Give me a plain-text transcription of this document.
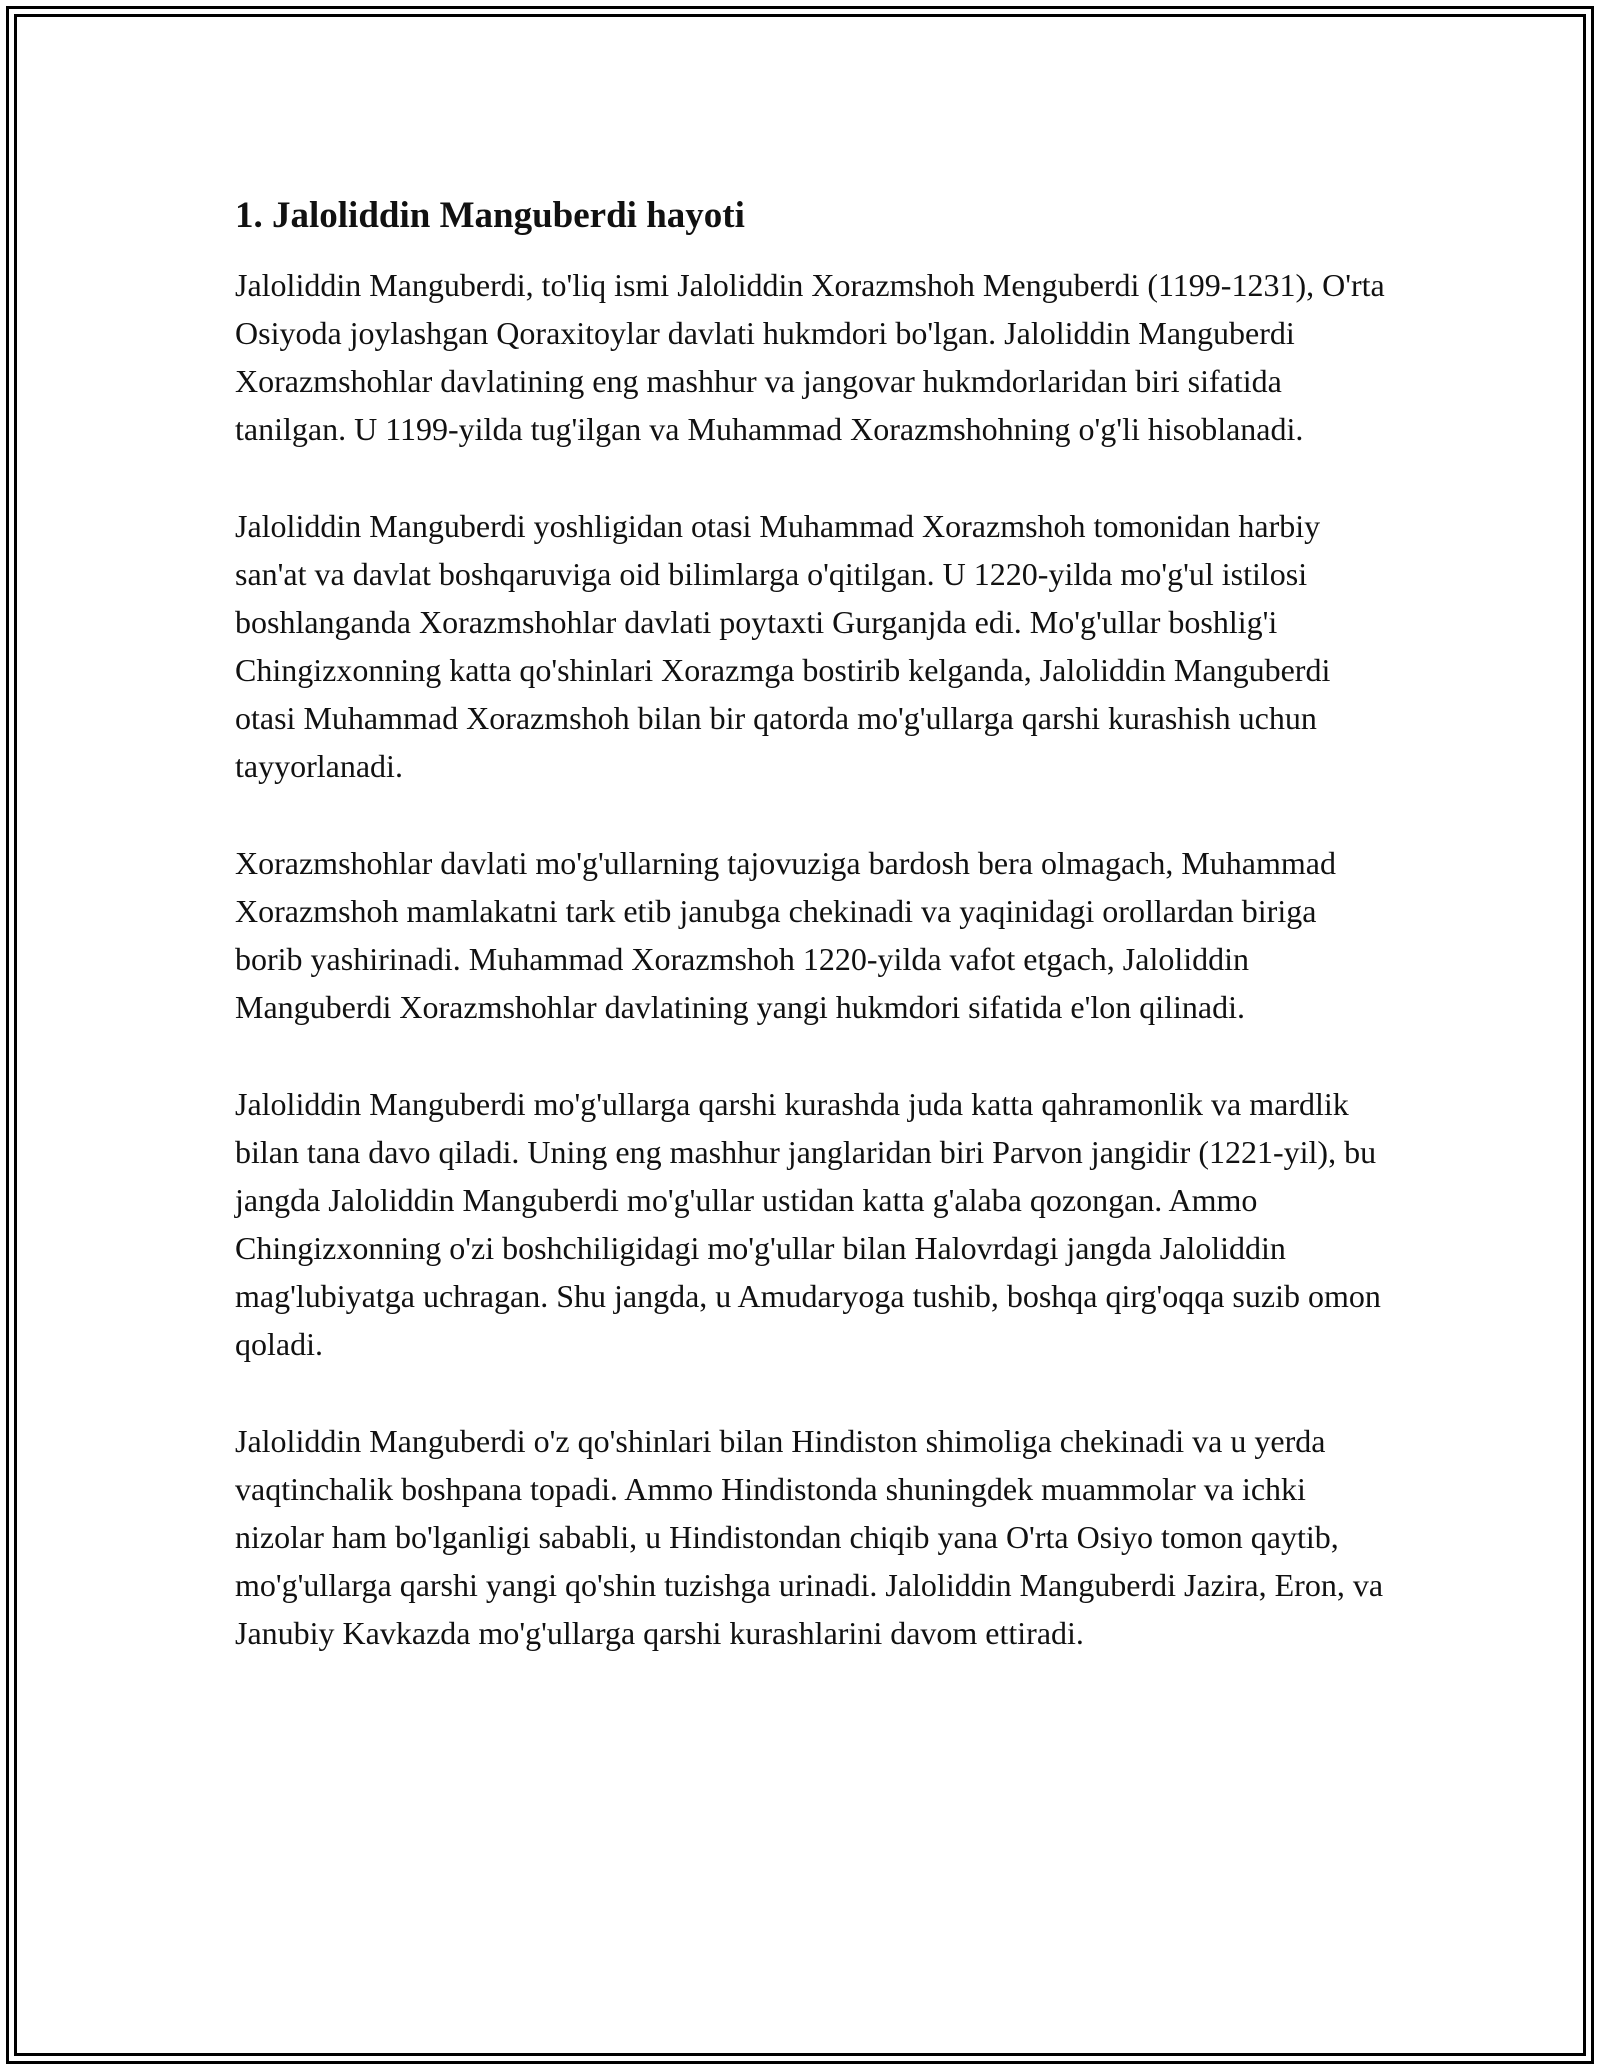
1. Jaloliddin Manguberdi hayoti

Jaloliddin Manguberdi, to'liq ismi Jaloliddin Xorazmshoh Menguberdi (1199-1231), O'rta Osiyoda joylashgan Qoraxitoylar davlati hukmdori bo'lgan. Jaloliddin Manguberdi Xorazmshohlar davlatining eng mashhur va jangovar hukmdorlaridan biri sifatida tanilgan. U 1199-yilda tug'ilgan va Muhammad Xorazmshohning o'g'li hisoblanadi.

Jaloliddin Manguberdi yoshligidan otasi Muhammad Xorazmshoh tomonidan harbiy san'at va davlat boshqaruviga oid bilimlarga o'qitilgan. U 1220-yilda mo'g'ul istilosi boshlanganda Xorazmshohlar davlati poytaxti Gurganjda edi. Mo'g'ullar boshlig'i Chingizxonning katta qo'shinlari Xorazmga bostirib kelganda, Jaloliddin Manguberdi otasi Muhammad Xorazmshoh bilan bir qatorda mo'g'ullarga qarshi kurashish uchun tayyorlanadi.

Xorazmshohlar davlati mo'g'ullarning tajovuziga bardosh bera olmagach, Muhammad Xorazmshoh mamlakatni tark etib janubga chekinadi va yaqinidagi orollardan biriga borib yashirinadi. Muhammad Xorazmshoh 1220-yilda vafot etgach, Jaloliddin Manguberdi Xorazmshohlar davlatining yangi hukmdori sifatida e'lon qilinadi.

Jaloliddin Manguberdi mo'g'ullarga qarshi kurashda juda katta qahramonlik va mardlik bilan tana davo qiladi. Uning eng mashhur janglaridan biri Parvon jangidir (1221-yil), bu jangda Jaloliddin Manguberdi mo'g'ullar ustidan katta g'alaba qozongan. Ammo Chingizxonning o'zi boshchiligidagi mo'g'ullar bilan Halovrdagi jangda Jaloliddin mag'lubiyatga uchragan. Shu jangda, u Amudaryoga tushib, boshqa qirg'oqqa suzib omon qoladi.

Jaloliddin Manguberdi o'z qo'shinlari bilan Hindiston shimoliga chekinadi va u yerda vaqtinchalik boshpana topadi. Ammo Hindistonda shuningdek muammolar va ichki nizolar ham bo'lganligi sababli, u Hindistondan chiqib yana O'rta Osiyo tomon qaytib, mo'g'ullarga qarshi yangi qo'shin tuzishga urinadi. Jaloliddin Manguberdi Jazira, Eron, va Janubiy Kavkazda mo'g'ullarga qarshi kurashlarini davom ettiradi.
